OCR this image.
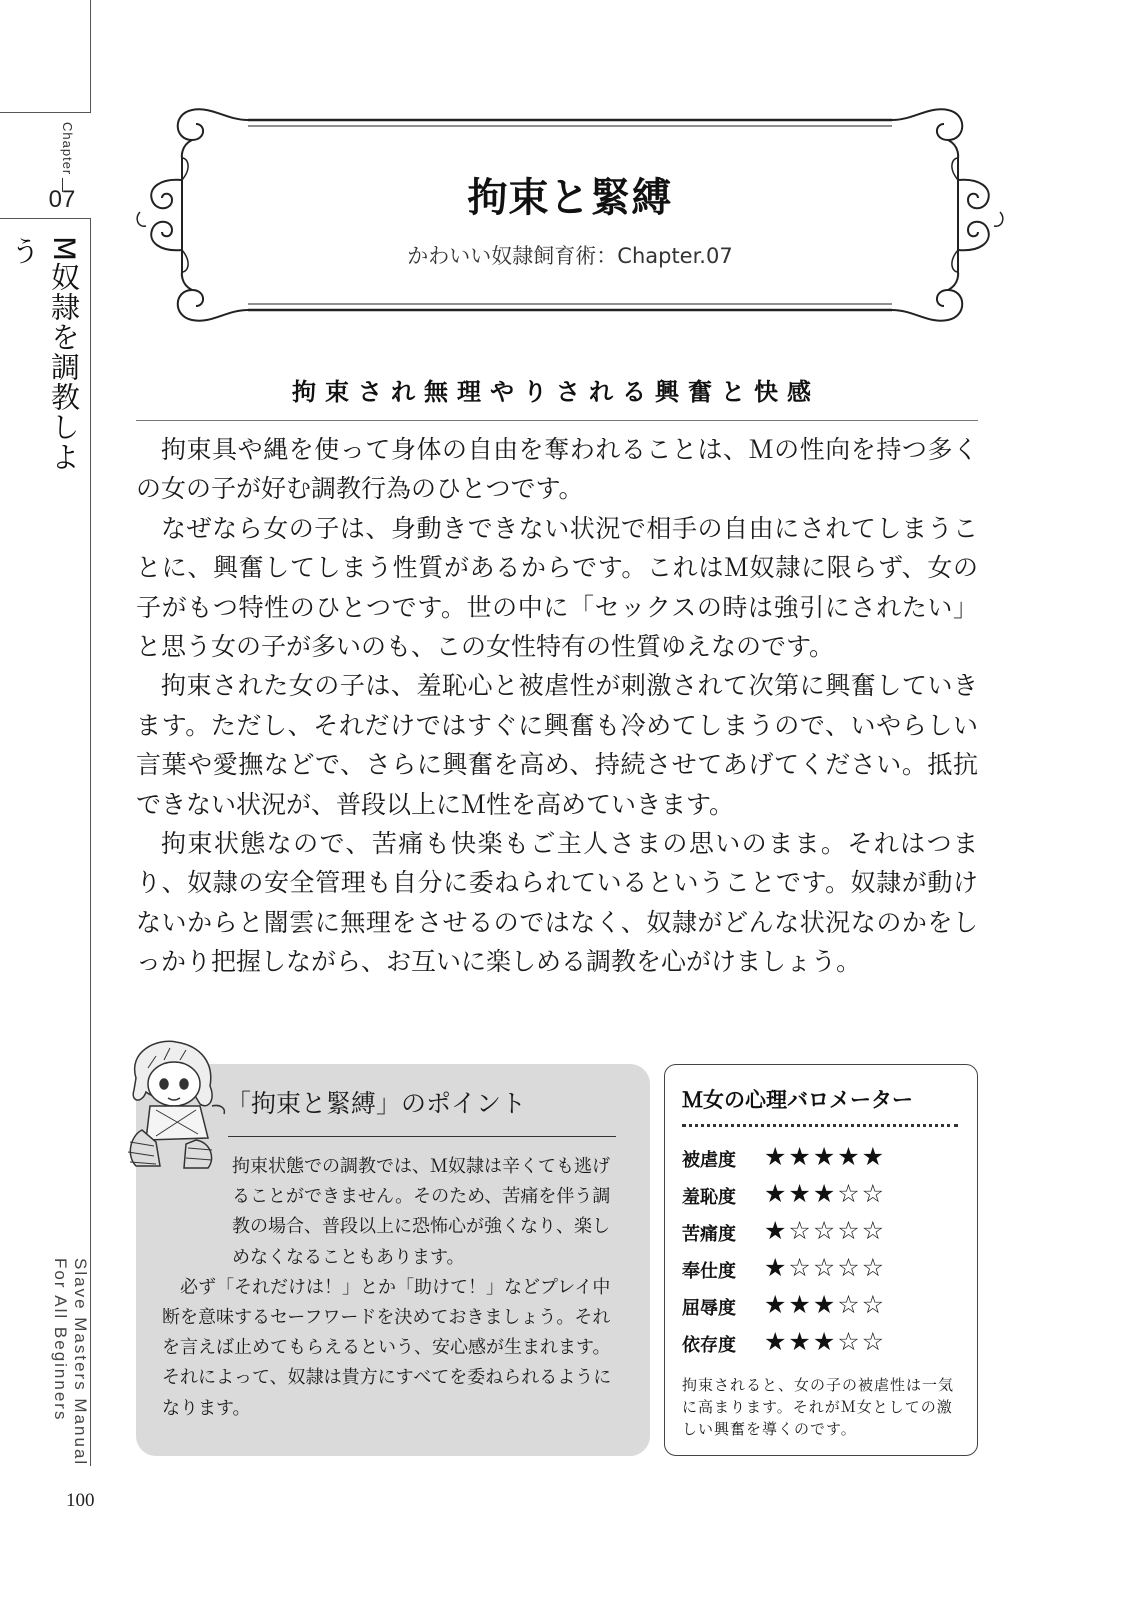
Chapter
07
M奴隷を調教しよう
Slave Masters Manual For All Beginners
100
拘束と緊縛
かわいい奴隷飼育術：Chapter.07
拘束され無理やりされる興奮と快感

拘束具や縄を使って身体の自由を奪われることは、Ｍの性向を持つ多くの女の子が好む調教行為のひとつです。

なぜなら女の子は、身動きできない状況で相手の自由にされてしまうことに、興奮してしまう性質があるからです。これはＭ奴隷に限らず、女の子がもつ特性のひとつです。世の中に「セックスの時は強引にされたい」と思う女の子が多いのも、この女性特有の性質ゆえなのです。

拘束された女の子は、羞恥心と被虐性が刺激されて次第に興奮していきます。ただし、それだけではすぐに興奮も冷めてしまうので、いやらしい言葉や愛撫などで、さらに興奮を高め、持続させてあげてください。抵抗できない状況が、普段以上にＭ性を高めていきます。

拘束状態なので、苦痛も快楽もご主人さまの思いのまま。それはつまり、奴隷の安全管理も自分に委ねられているということです。奴隷が動けないからと闇雲に無理をさせるのではなく、奴隷がどんな状況なのかをしっかり把握しながら、お互いに楽しめる調教を心がけましょう。

「拘束と緊縛」のポイント

拘束状態での調教では、Ｍ奴隷は辛くても逃げることができません。そのため、苦痛を伴う調教の場合、普段以上に恐怖心が強くなり、楽しめなくなることもあります。

必ず「それだけは！」とか「助けて！」などプレイ中断を意味するセーフワードを決めておきましょう。それを言えば止めてもらえるという、安心感が生まれます。それによって、奴隷は貴方にすべてを委ねられるようになります。

Ｍ女の心理バロメーター
被虐度 ★★★★★
羞恥度 ★★★☆☆
苦痛度 ★☆☆☆☆
奉仕度 ★☆☆☆☆
屈辱度 ★★★☆☆
依存度 ★★★☆☆
拘束されると、女の子の被虐性は一気に高まります。それがＭ女としての激しい興奮を導くのです。
